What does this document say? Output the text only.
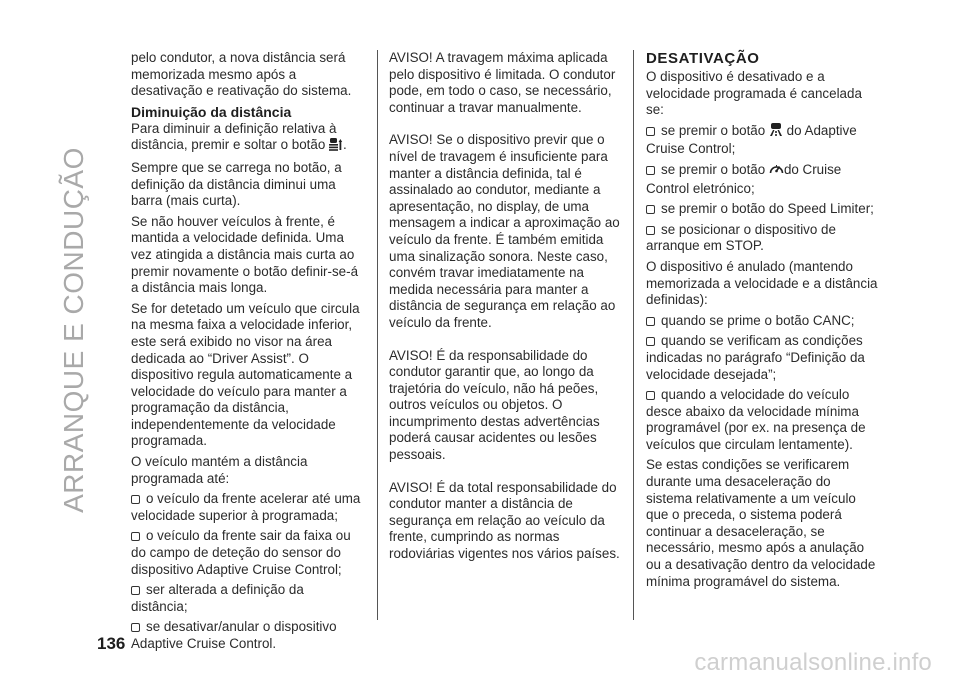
ARRANQUE E CONDUÇÃO

pelo condutor, a nova distância será memorizada mesmo após a desativação e reativação do sistema.

Diminuição da distância

Para diminuir a definição relativa à distância, premir e soltar o botão .

Sempre que se carrega no botão, a definição da distância diminui uma barra (mais curta).

Se não houver veículos à frente, é mantida a velocidade definida. Uma vez atingida a distância mais curta ao premir novamente o botão definir-se-á a distância mais longa.

Se for detetado um veículo que circula na mesma faixa a velocidade inferior, este será exibido no visor na área dedicada ao “Driver Assist”. O dispositivo regula automaticamente a velocidade do veículo para manter a programação da distância, independentemente da velocidade programada.

O veículo mantém a distância programada até:

o veículo da frente acelerar até uma velocidade superior à programada;

o veículo da frente sair da faixa ou do campo de deteção do sensor do dispositivo Adaptive Cruise Control;

ser alterada a definição da distância;

se desativar/anular o dispositivo Adaptive Cruise Control.

AVISO! A travagem máxima aplicada pelo dispositivo é limitada. O condutor pode, em todo o caso, se necessário, continuar a travar manualmente.

AVISO! Se o dispositivo previr que o nível de travagem é insuficiente para manter a distância definida, tal é assinalado ao condutor, mediante a apresentação, no display, de uma mensagem a indicar a aproximação ao veículo da frente. É também emitida uma sinalização sonora. Neste caso, convém travar imediatamente na medida necessária para manter a distância de segurança em relação ao veículo da frente.

AVISO! É da responsabilidade do condutor garantir que, ao longo da trajetória do veículo, não há peões, outros veículos ou objetos. O incumprimento destas advertências poderá causar acidentes ou lesões pessoais.

AVISO! É da total responsabilidade do condutor manter a distância de segurança em relação ao veículo da frente, cumprindo as normas rodoviárias vigentes nos vários países.

DESATIVAÇÃO

O dispositivo é desativado e a velocidade programada é cancelada se:

se premir o botão do Adaptive Cruise Control;

se premir o botão do Cruise Control eletrónico;

se premir o botão do Speed Limiter;

se posicionar o dispositivo de arranque em STOP.

O dispositivo é anulado (mantendo memorizada a velocidade e a distância definidas):

quando se prime o botão CANC;

quando se verificam as condições indicadas no parágrafo “Definição da velocidade desejada”;

quando a velocidade do veículo desce abaixo da velocidade mínima programável (por ex. na presença de veículos que circulam lentamente).

Se estas condições se verificarem durante uma desaceleração do sistema relativamente a um veículo que o preceda, o sistema poderá continuar a desaceleração, se necessário, mesmo após a anulação ou a desativação dentro da velocidade mínima programável do sistema.

136
carmanualsonline.info
